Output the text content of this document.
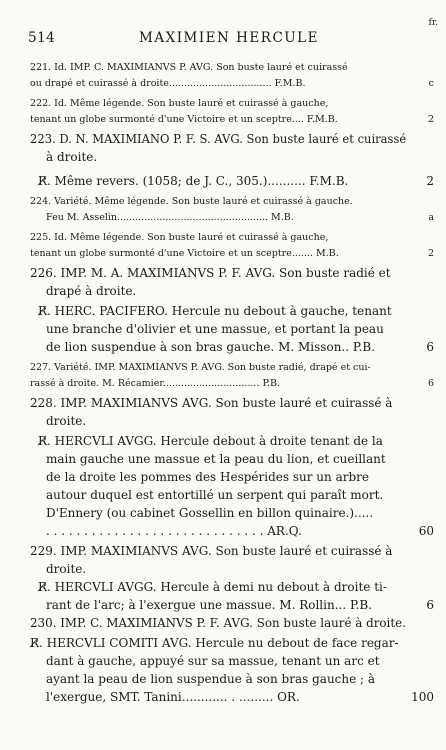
514	MAXIMIEN HERCULE
fr.
221. Id. IMP. C. MAXIMIANVS P. AVG. Son buste lauré et cuirassé
ou drapé et cuirassé à droite.................................. F.M.B.	c
222. Id. Même légende. Son buste lauré et cuirassé à gauche,
tenant un globe surmonté d'une Victoire et un sceptre.... F.M.B.	2
223. D. N. MAXIMIANO P. F. S. AVG. Son buste lauré et cuirassé
à droite.
R̸. Même revers. (1058; de J. C., 305.).......... F.M.B.	2
224. Variété. Même légende. Son buste lauré et cuirassé à gauche.
Feu M. Asselin.................................................. M.B.	a
225. Id. Même légende. Son buste lauré et cuirassé à gauche,
tenant un globe surmonté d'une Victoire et un sceptre....... M.B.	2
226. IMP. M. A. MAXIMIANVS P. F. AVG. Son buste radié et
drapé à droite.
R̸. HERC. PACIFERO. Hercule nu debout à gauche, tenant
une branche d'olivier et une massue, et portant la peau
de lion suspendue à son bras gauche. M. Misson.. P.B.	6
227. Variété. IMP. MAXIMIANVS P. AVG. Son buste radié, drapé et cui-
rassé à droite. M. Récamier................................ P.B.	6
228. IMP. MAXIMIANVS AVG. Son buste lauré et cuirassé à
droite.
R̸. HERCVLI AVGG. Hercule debout à droite tenant de la
main gauche une massue et la peau du lion, et cueillant
de la droite les pommes des Hespérides sur un arbre
autour duquel est entortillé un serpent qui paraît mort.
D'Ennery (ou cabinet Gossellin en billon quinaire.).....
. . . . . . . . . . . . . . . . . . . . . . . . . . . . . AR.Q.	60
229. IMP. MAXIMIANVS AVG. Son buste lauré et cuirassé à
droite.
R̸. HERCVLI AVGG. Hercule à demi nu debout à droite ti-
rant de l'arc; à l'exergue une massue. M. Rollin... P.B.	6
230. IMP. C. MAXIMIANVS P. F. AVG. Son buste lauré à droite.
R̸. HERCVLI COMITI AVG. Hercule nu debout de face regar-
dant à gauche, appuyé sur sa massue, tenant un arc et
ayant la peau de lion suspendue à son bras gauche ; à
l'exergue, SMT. Tanini............ . ......... OR.	100
